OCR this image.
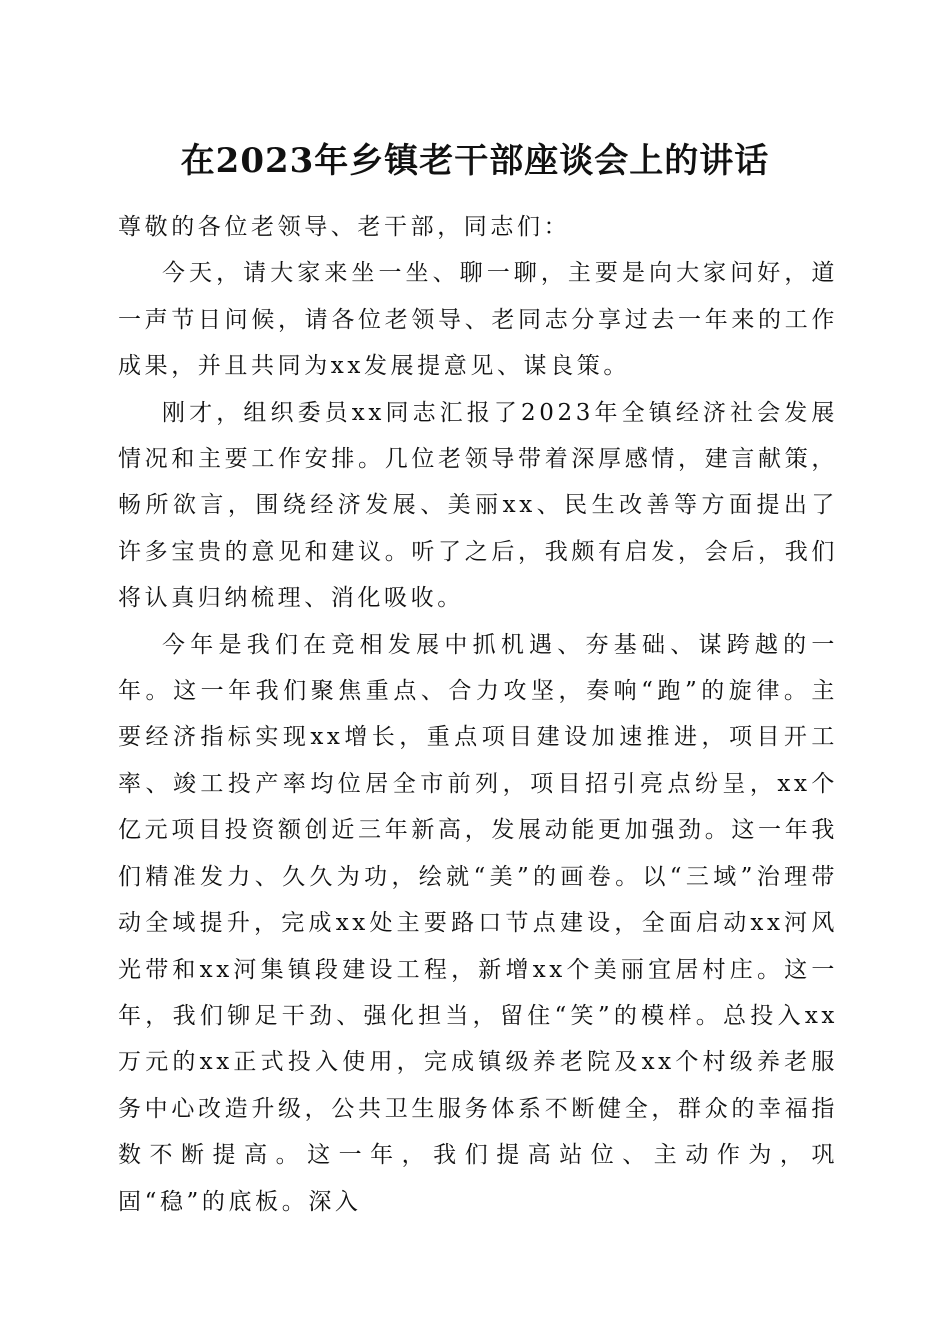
在2023年乡镇老干部座谈会上的讲话

尊敬的各位老领导、老干部，同志们：

今天，请大家来坐一坐、聊一聊，主要是向大家问好，道一声节日问候，请各位老领导、老同志分享过去一年来的工作成果，并且共同为xx发展提意见、谋良策。

刚才，组织委员xx同志汇报了2023年全镇经济社会发展情况和主要工作安排。几位老领导带着深厚感情，建言献策，畅所欲言，围绕经济发展、美丽xx、民生改善等方面提出了许多宝贵的意见和建议。听了之后，我颇有启发，会后，我们将认真归纳梳理、消化吸收。

今年是我们在竞相发展中抓机遇、夯基础、谋跨越的一年。这一年我们聚焦重点、合力攻坚，奏响“跑”的旋律。主要经济指标实现xx增长，重点项目建设加速推进，项目开工率、竣工投产率均位居全市前列，项目招引亮点纷呈，xx个亿元项目投资额创近三年新高，发展动能更加强劲。这一年我们精准发力、久久为功，绘就“美”的画卷。以“三域”治理带动全域提升，完成xx处主要路口节点建设，全面启动xx河风光带和xx河集镇段建设工程，新增xx个美丽宜居村庄。这一年，我们铆足干劲、强化担当，留住“笑”的模样。总投入xx万元的xx正式投入使用，完成镇级养老院及xx个村级养老服务中心改造升级，公共卫生服务体系不断健全，群众的幸福指数不断提高。这一年，我们提高站位、主动作为，巩固“稳”的底板。深入
